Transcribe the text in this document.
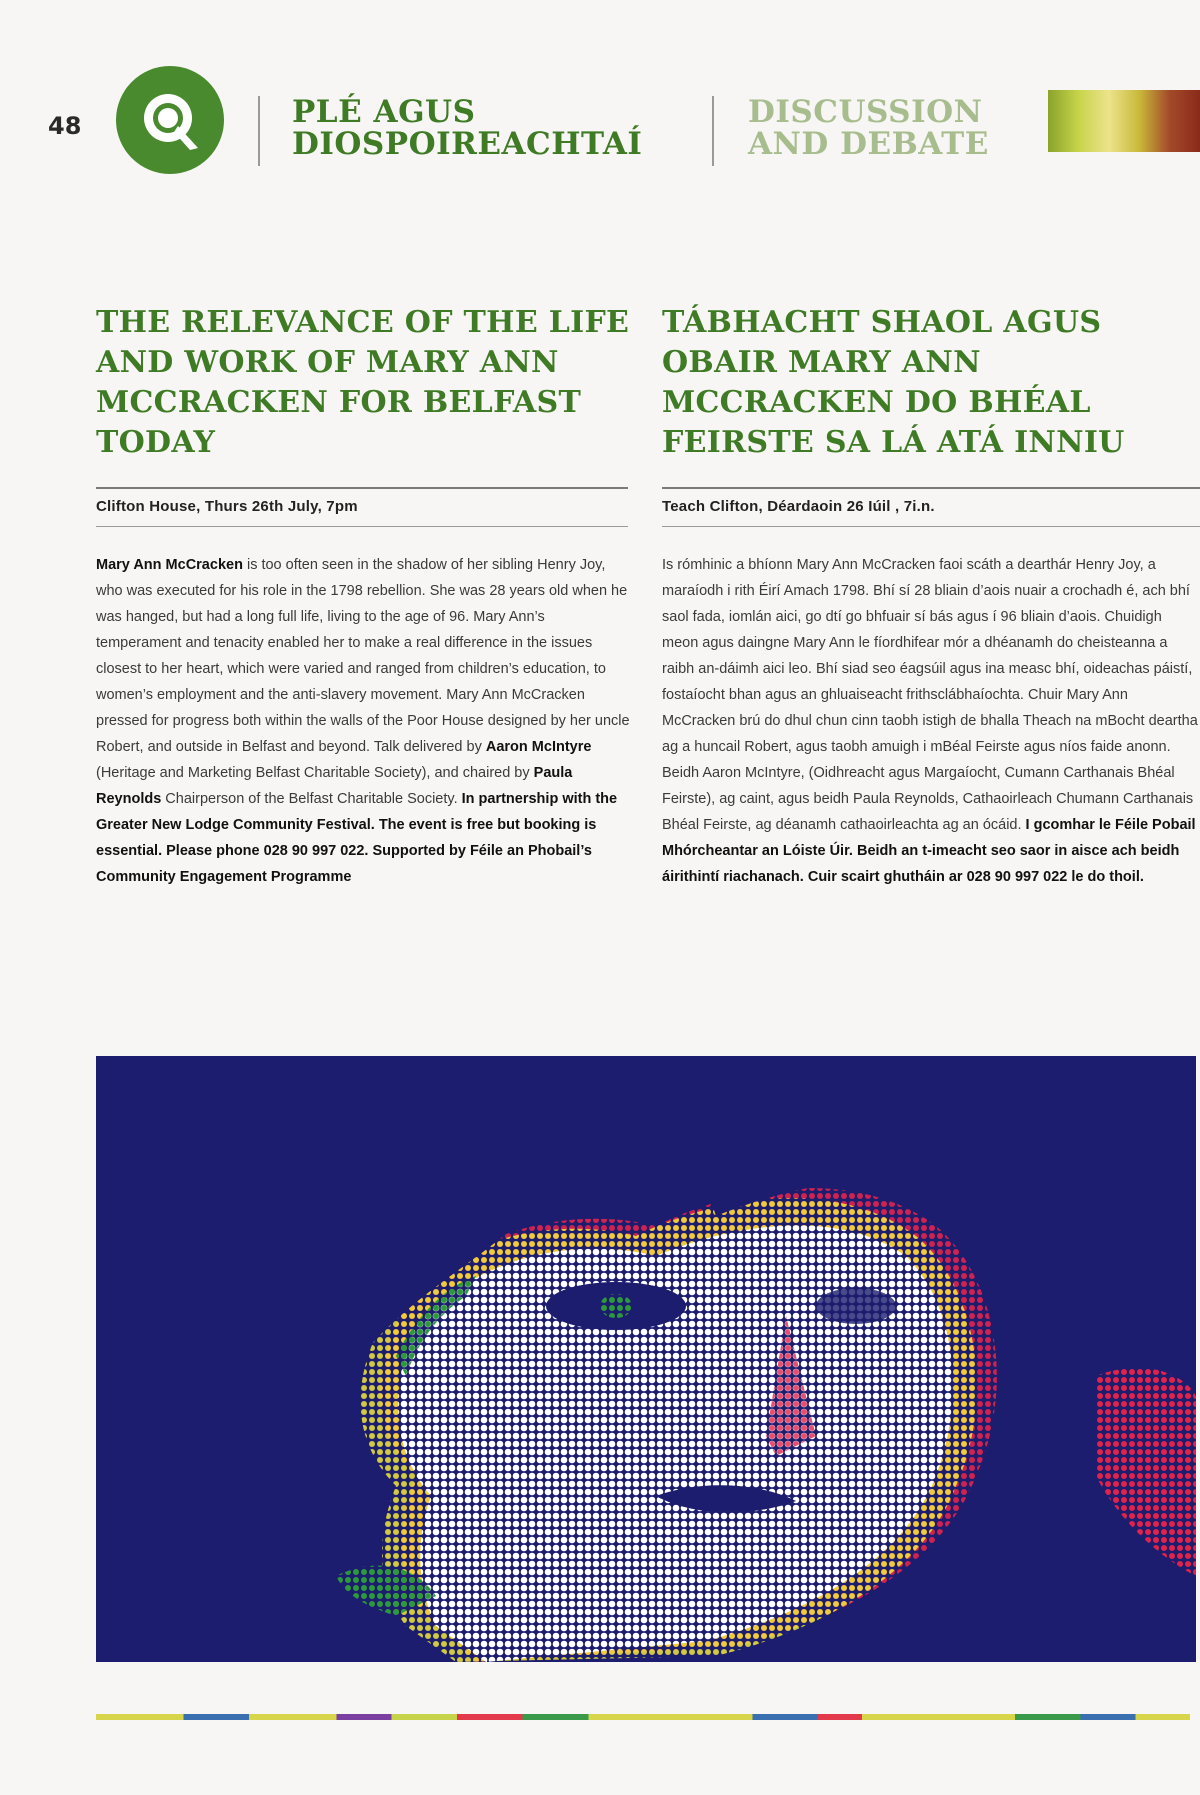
48	PLÉ AGUS
DIOSPOIREACHTAÍ
DISCUSSION
AND DEBATE
THE RELEVANCE OF THE LIFE AND WORK OF MARY ANN MCCRACKEN FOR BELFAST TODAY
TÁBHACHT SHAOL AGUS OBAIR MARY ANN MCCRACKEN DO BHÉAL FEIRSTE SA LÁ ATÁ INNIU
Clifton House, Thurs 26th July, 7pm	Teach Clifton, Déardaoin 26 Iúil , 7i.n.
Mary Ann McCracken is too often seen in the shadow of her sibling Henry Joy, who was executed for his role in the 1798 rebellion. She was 28 years old when he was hanged, but had a long full life, living to the age of 96. Mary Ann’s temperament and tenacity enabled her to make a real difference in the issues closest to her heart, which were varied and ranged from children’s education, to women’s employment and the anti-slavery movement. Mary Ann McCracken pressed for progress both within the walls of the Poor House designed by her uncle Robert, and outside in Belfast and beyond. Talk delivered by Aaron McIntyre (Heritage and Marketing Belfast Charitable Society), and chaired by Paula Reynolds Chairperson of the Belfast Charitable Society. In partnership with the Greater New Lodge Community Festival. The event is free but booking is essential. Please phone 028 90 997 022. Supported by Féile an Phobail’s Community Engagement Programme
Is rómhinic a bhíonn Mary Ann McCracken faoi scáth a dearthár Henry Joy, a maraíodh i rith Éirí Amach 1798. Bhí sí 28 bliain d’aois nuair a crochadh é, ach bhí saol fada, iomlán aici, go dtí go bhfuair sí bás agus í 96 bliain d’aois. Chuidigh meon agus daingne Mary Ann le fíordhifear mór a dhéanamh do cheisteanna a raibh an-dáimh aici leo. Bhí siad seo éagsúil agus ina measc bhí, oideachas páistí, fostaíocht bhan agus an ghluaiseacht frithsclábhaíochta. Chuir Mary Ann McCracken brú do dhul chun cinn taobh istigh de bhalla Theach na mBocht deartha ag a huncail Robert, agus taobh amuigh i mBéal Feirste agus níos faide anonn. Beidh Aaron McIntyre, (Oidhreacht agus Margaíocht, Cumann Carthanais Bhéal Feirste), ag caint, agus beidh Paula Reynolds, Cathaoirleach Chumann Carthanais Bhéal Feirste, ag déanamh cathaoirleachta ag an ócáid. I gcomhar le Féile Pobail Mhórcheantar an Lóiste Úir. Beidh an t-imeacht seo saor in aisce ach beidh áirithintí riachanach. Cuir scairt ghutháin ar 028 90 997 022 le do thoil.
